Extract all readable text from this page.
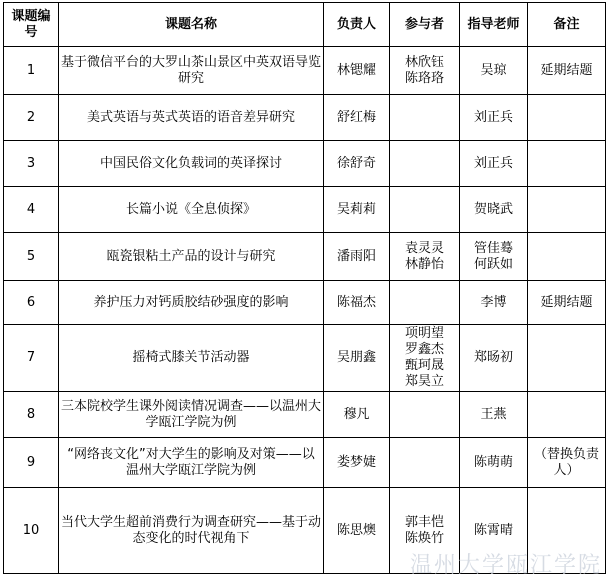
课题编号	课题名称	负责人	参与者	指导老师	备注
1	基于微信平台的大罗山茶山景区中英双语导览研究	林锶耀	林欣钰
陈珞珞	吴琼	延期结题
2	美式英语与英式英语的语音差异研究	舒红梅		刘正兵	

3	中国民俗文化负载词的英译探讨	徐舒奇		刘正兵	

4	长篇小说《全息侦探》	吴莉莉		贺晓武	

5	瓯瓷银粘土产品的设计与研究	潘雨阳	袁灵灵
林静怡	管佳蓦
何跃如	

6	养护压力对钙质胶结砂强度的影响	陈福杰		李博	延期结题
7	摇椅式膝关节活动器	吴朋鑫	项明望
罗鑫杰
甄珂晟
郑昊立	郑旸初	

8	三本院校学生课外阅读情况调查——以温州大学瓯江学院为例	穆凡		王燕	

9	“网络丧文化”对大学生的影响及对策——以温州大学瓯江学院为例	娄梦婕		陈萌萌	（替换负责人）
10	当代大学生超前消费行为调查研究——基于动态变化的时代视角下	陈思燠	郭丰恺
陈焕竹	陈霄晴	

温州大学瓯江学院
